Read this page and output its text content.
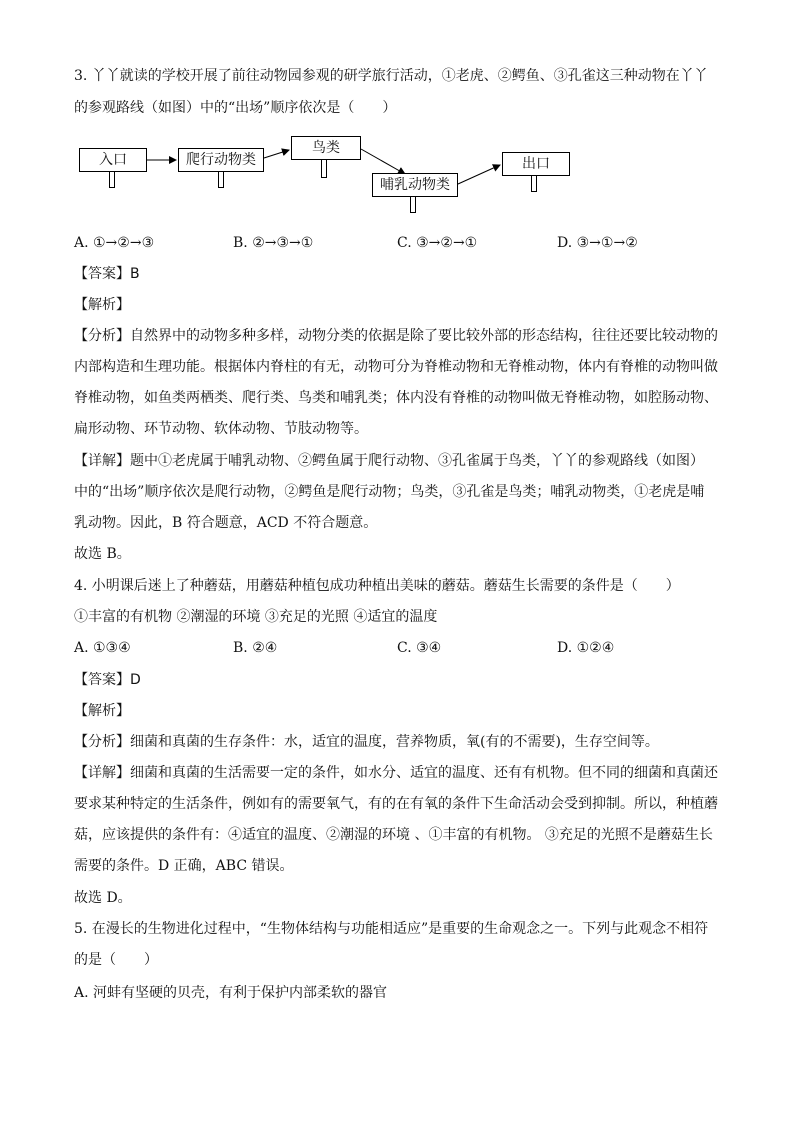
3. 丫丫就读的学校开展了前往动物园参观的研学旅行活动，①老虎、②鳄鱼、③孔雀这三种动物在丫丫
的参观路线（如图）中的“出场”顺序依次是（　　）
入口	爬行动物类
鸟类
哺乳动物类
出口
A. ①→②→③	B. ②→③→①	C. ③→②→①	D. ③→①→②
【答案】B
【解析】
【分析】自然界中的动物多种多样，动物分类的依据是除了要比较外部的形态结构，往往还要比较动物的
内部构造和生理功能。根据体内脊柱的有无，动物可分为脊椎动物和无脊椎动物，体内有脊椎的动物叫做
脊椎动物，如鱼类两栖类、爬行类、鸟类和哺乳类；体内没有脊椎的动物叫做无脊椎动物，如腔肠动物、
扁形动物、环节动物、软体动物、节肢动物等。
【详解】题中①老虎属于哺乳动物、②鳄鱼属于爬行动物、③孔雀属于鸟类，丫丫的参观路线（如图）
中的“出场”顺序依次是爬行动物，②鳄鱼是爬行动物；鸟类，③孔雀是鸟类；哺乳动物类，①老虎是哺
乳动物。因此，B 符合题意，ACD 不符合题意。
故选 B。
4. 小明课后迷上了种蘑菇，用蘑菇种植包成功种植出美味的蘑菇。蘑菇生长需要的条件是（　　）
①丰富的有机物 ②潮湿的环境 ③充足的光照 ④适宜的温度
A. ①③④	B. ②④	C. ③④	D. ①②④
【答案】D
【解析】
【分析】细菌和真菌的生存条件：水，适宜的温度，营养物质，氧(有的不需要)，生存空间等。
【详解】细菌和真菌的生活需要一定的条件，如水分、适宜的温度、还有有机物。但不同的细菌和真菌还
要求某种特定的生活条件，例如有的需要氧气，有的在有氧的条件下生命活动会受到抑制。所以，种植蘑
菇，应该提供的条件有：④适宜的温度、②潮湿的环境 、①丰富的有机物。 ③充足的光照不是蘑菇生长
需要的条件。D 正确，ABC 错误。
故选 D。
5. 在漫长的生物进化过程中，“生物体结构与功能相适应”是重要的生命观念之一。下列与此观念不相符
的是（　　）
A. 河蚌有坚硬的贝壳，有利于保护内部柔软的器官
